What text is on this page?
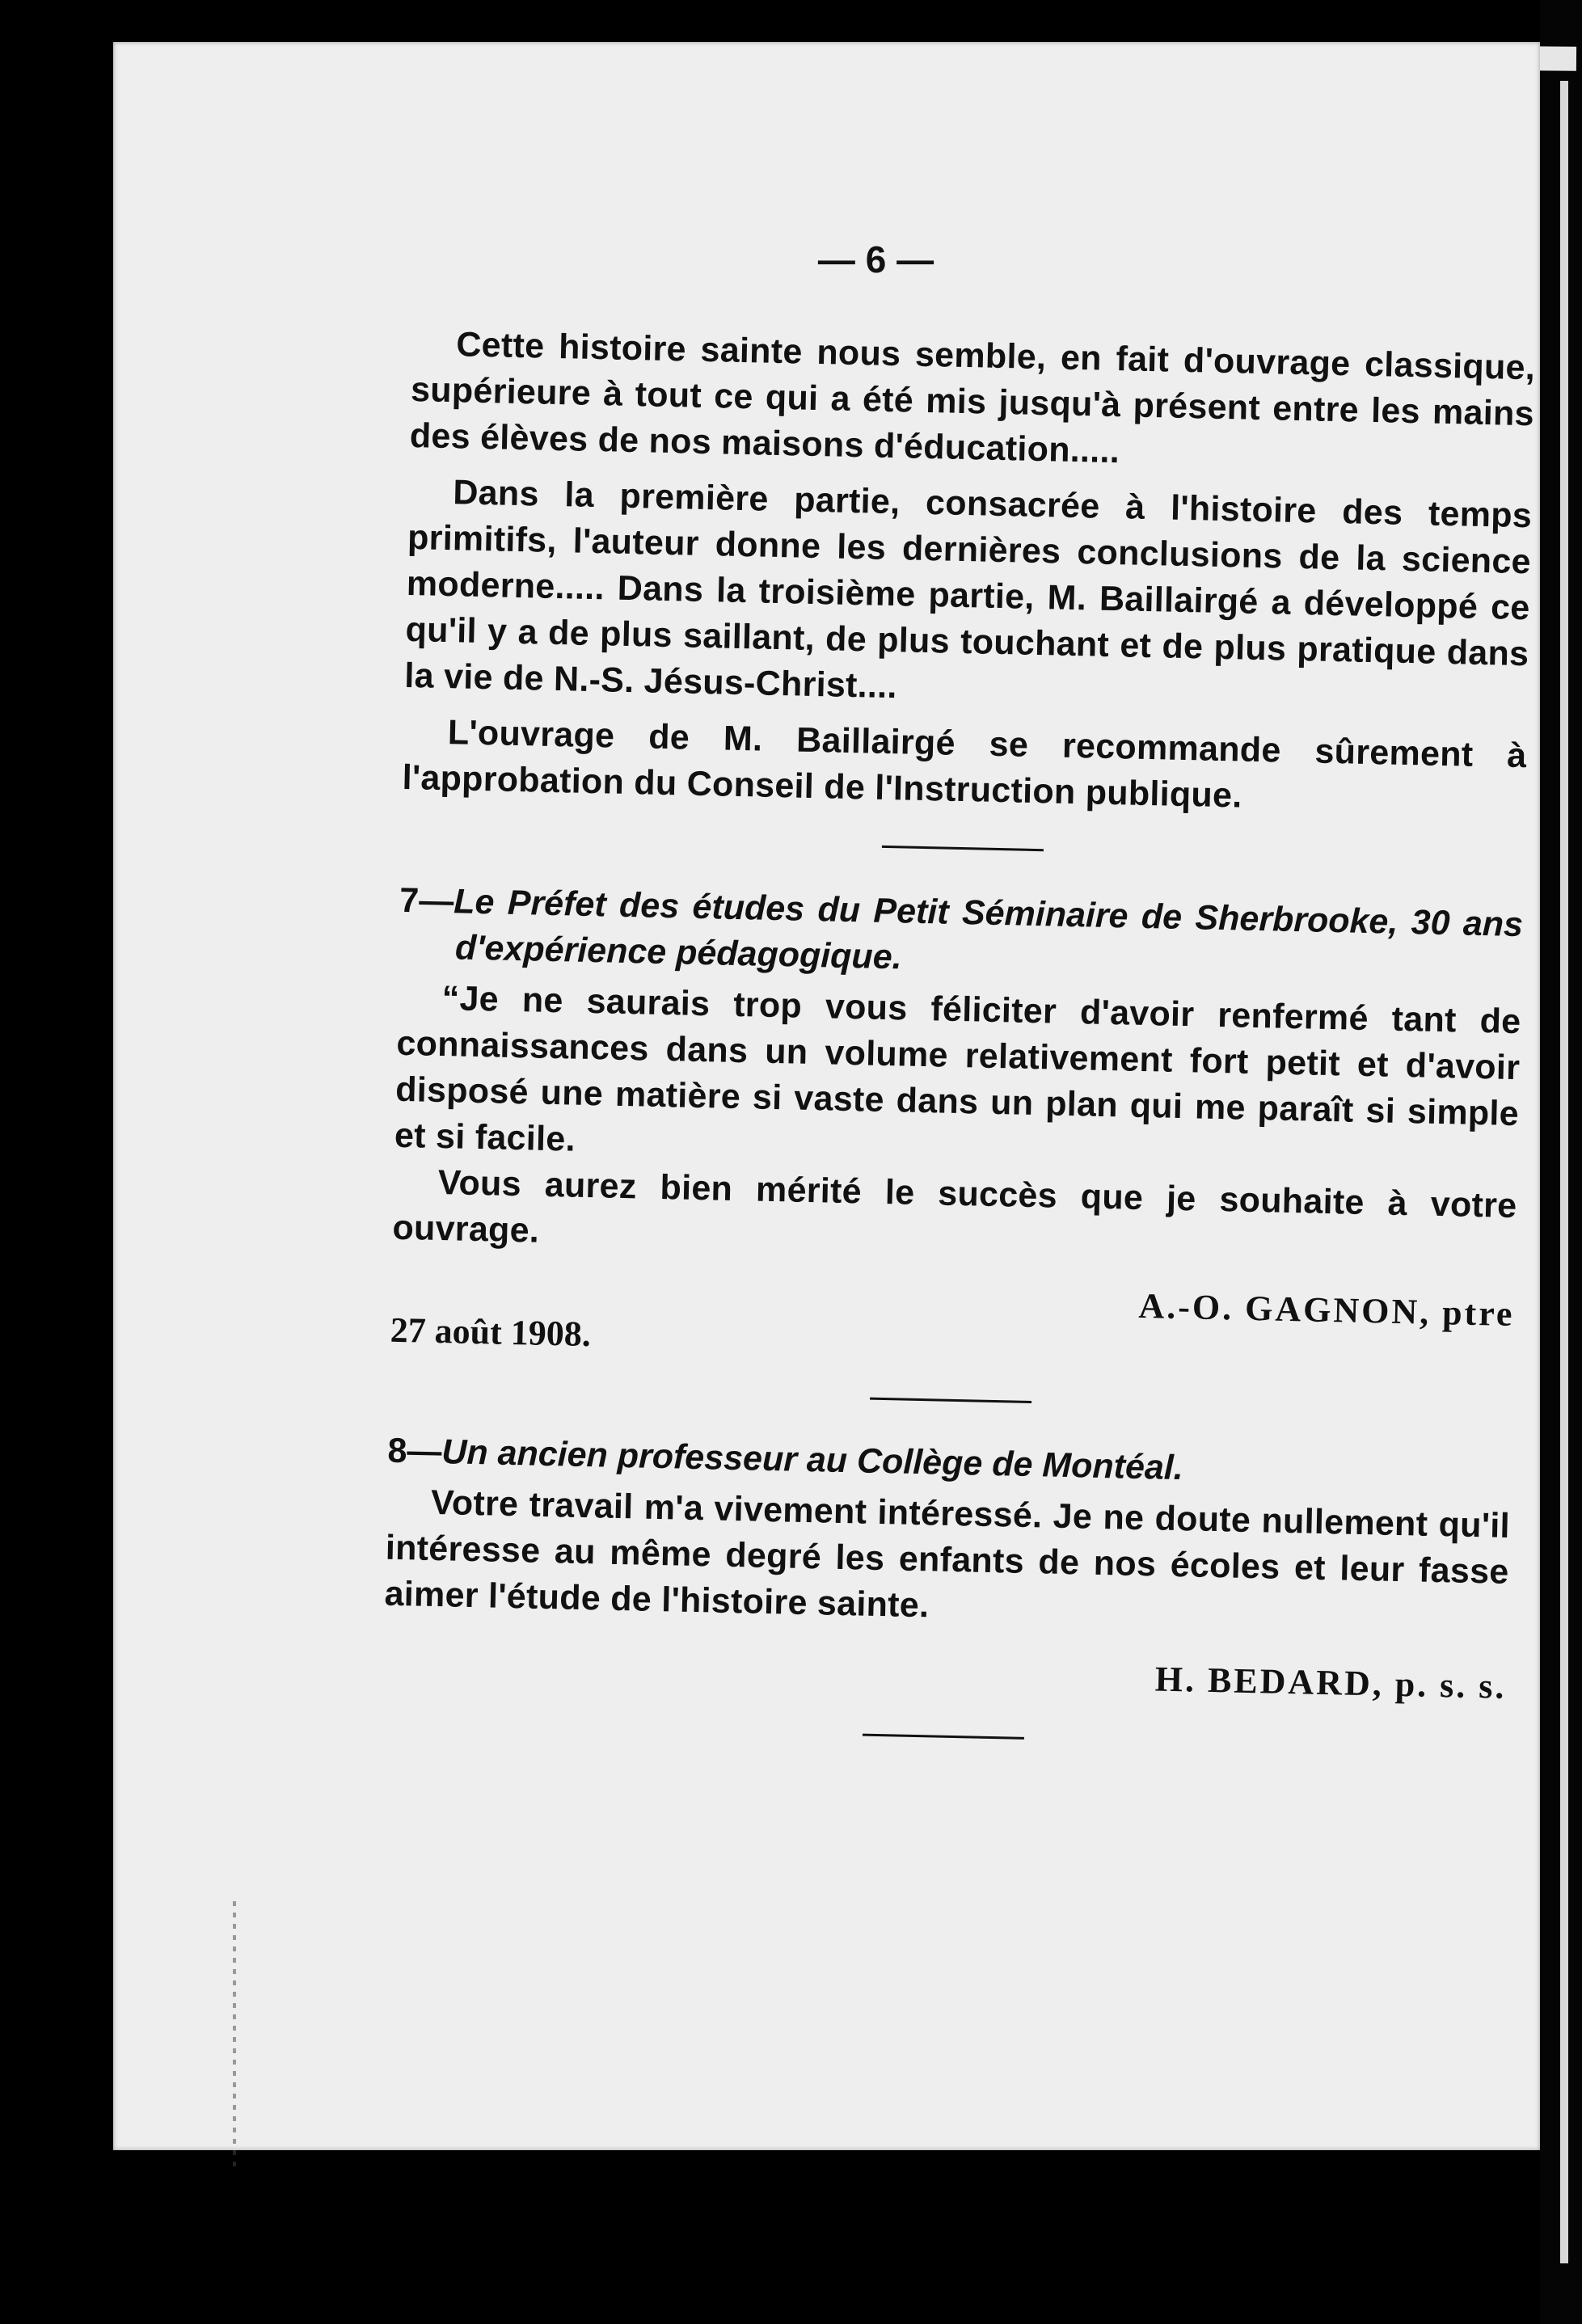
— 6 —

Cette histoire sainte nous semble, en fait d'ouvrage classique, supérieure à tout ce qui a été mis jusqu'à présent entre les mains des élèves de nos maisons d'éducation.....

Dans la première partie, consacrée à l'histoire des temps primitifs, l'auteur donne les dernières conclusions de la science moderne..... Dans la troisième partie, M. Baillairgé a développé ce qu'il y a de plus saillant, de plus touchant et de plus pratique dans la vie de N.-S. Jésus-Christ....

L'ouvrage de M. Baillairgé se recommande sûrement à l'approbation du Conseil de l'Instruction publique.

7—Le Préfet des études du Petit Séminaire de Sherbrooke, 30 ans d'expérience pédagogique.

“Je ne saurais trop vous féliciter d'avoir renfermé tant de connaissances dans un volume relativement fort petit et d'avoir disposé une matière si vaste dans un plan qui me paraît si simple et si facile.

Vous aurez bien mérité le succès que je souhaite à votre ouvrage.

27 août 1908.	A.-O. GAGNON, ptre

8—Un ancien professeur au Collège de Montéal.

Votre travail m'a vivement intéressé. Je ne doute nullement qu'il intéresse au même degré les enfants de nos écoles et leur fasse aimer l'étude de l'histoire sainte.

H. BEDARD, p. s. s.
